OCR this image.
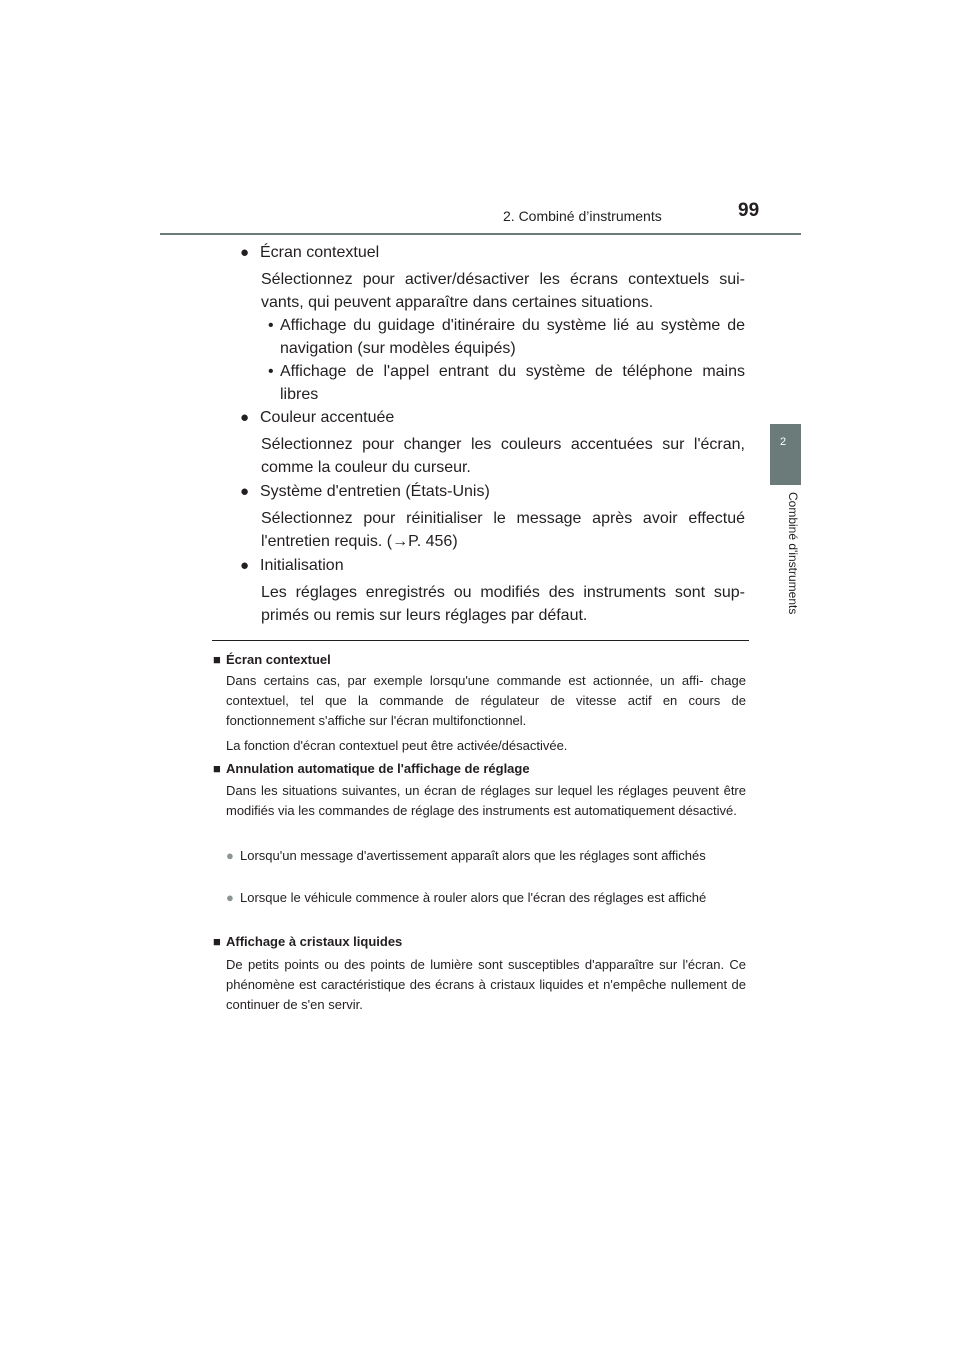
2. Combiné d’instruments	99
2
Combiné d'instruments
● Écran contextuel
Sélectionnez pour activer/désactiver les écrans contextuels sui-
vants, qui peuvent apparaître dans certaines situations.
• Affichage du guidage d'itinéraire du système lié au système de
navigation (sur modèles équipés)
• Affichage de l'appel entrant du système de téléphone mains
libres
● Couleur accentuée
Sélectionnez pour changer les couleurs accentuées sur l'écran,
comme la couleur du curseur.
● Système d'entretien (États-Unis)
Sélectionnez pour réinitialiser le message après avoir effectué
l'entretien requis. (→P. 456)
● Initialisation
Les réglages enregistrés ou modifiés des instruments sont sup-
primés ou remis sur leurs réglages par défaut.
■ Écran contextuel
Dans certains cas, par exemple lorsqu'une commande est actionnée, un affi- chage contextuel, tel que la commande de régulateur de vitesse actif en cours de fonctionnement s'affiche sur l'écran multifonctionnel.
La fonction d'écran contextuel peut être activée/désactivée.
■ Annulation automatique de l'affichage de réglage
Dans les situations suivantes, un écran de réglages sur lequel les réglages peuvent être modifiés via les commandes de réglage des instruments est automatiquement désactivé.
● Lorsqu'un message d'avertissement apparaît alors que les réglages sont affichés
● Lorsque le véhicule commence à rouler alors que l'écran des réglages est affiché
■ Affichage à cristaux liquides
De petits points ou des points de lumière sont susceptibles d'apparaître sur l'écran. Ce phénomène est caractéristique des écrans à cristaux liquides et n'empêche nullement de continuer de s'en servir.
